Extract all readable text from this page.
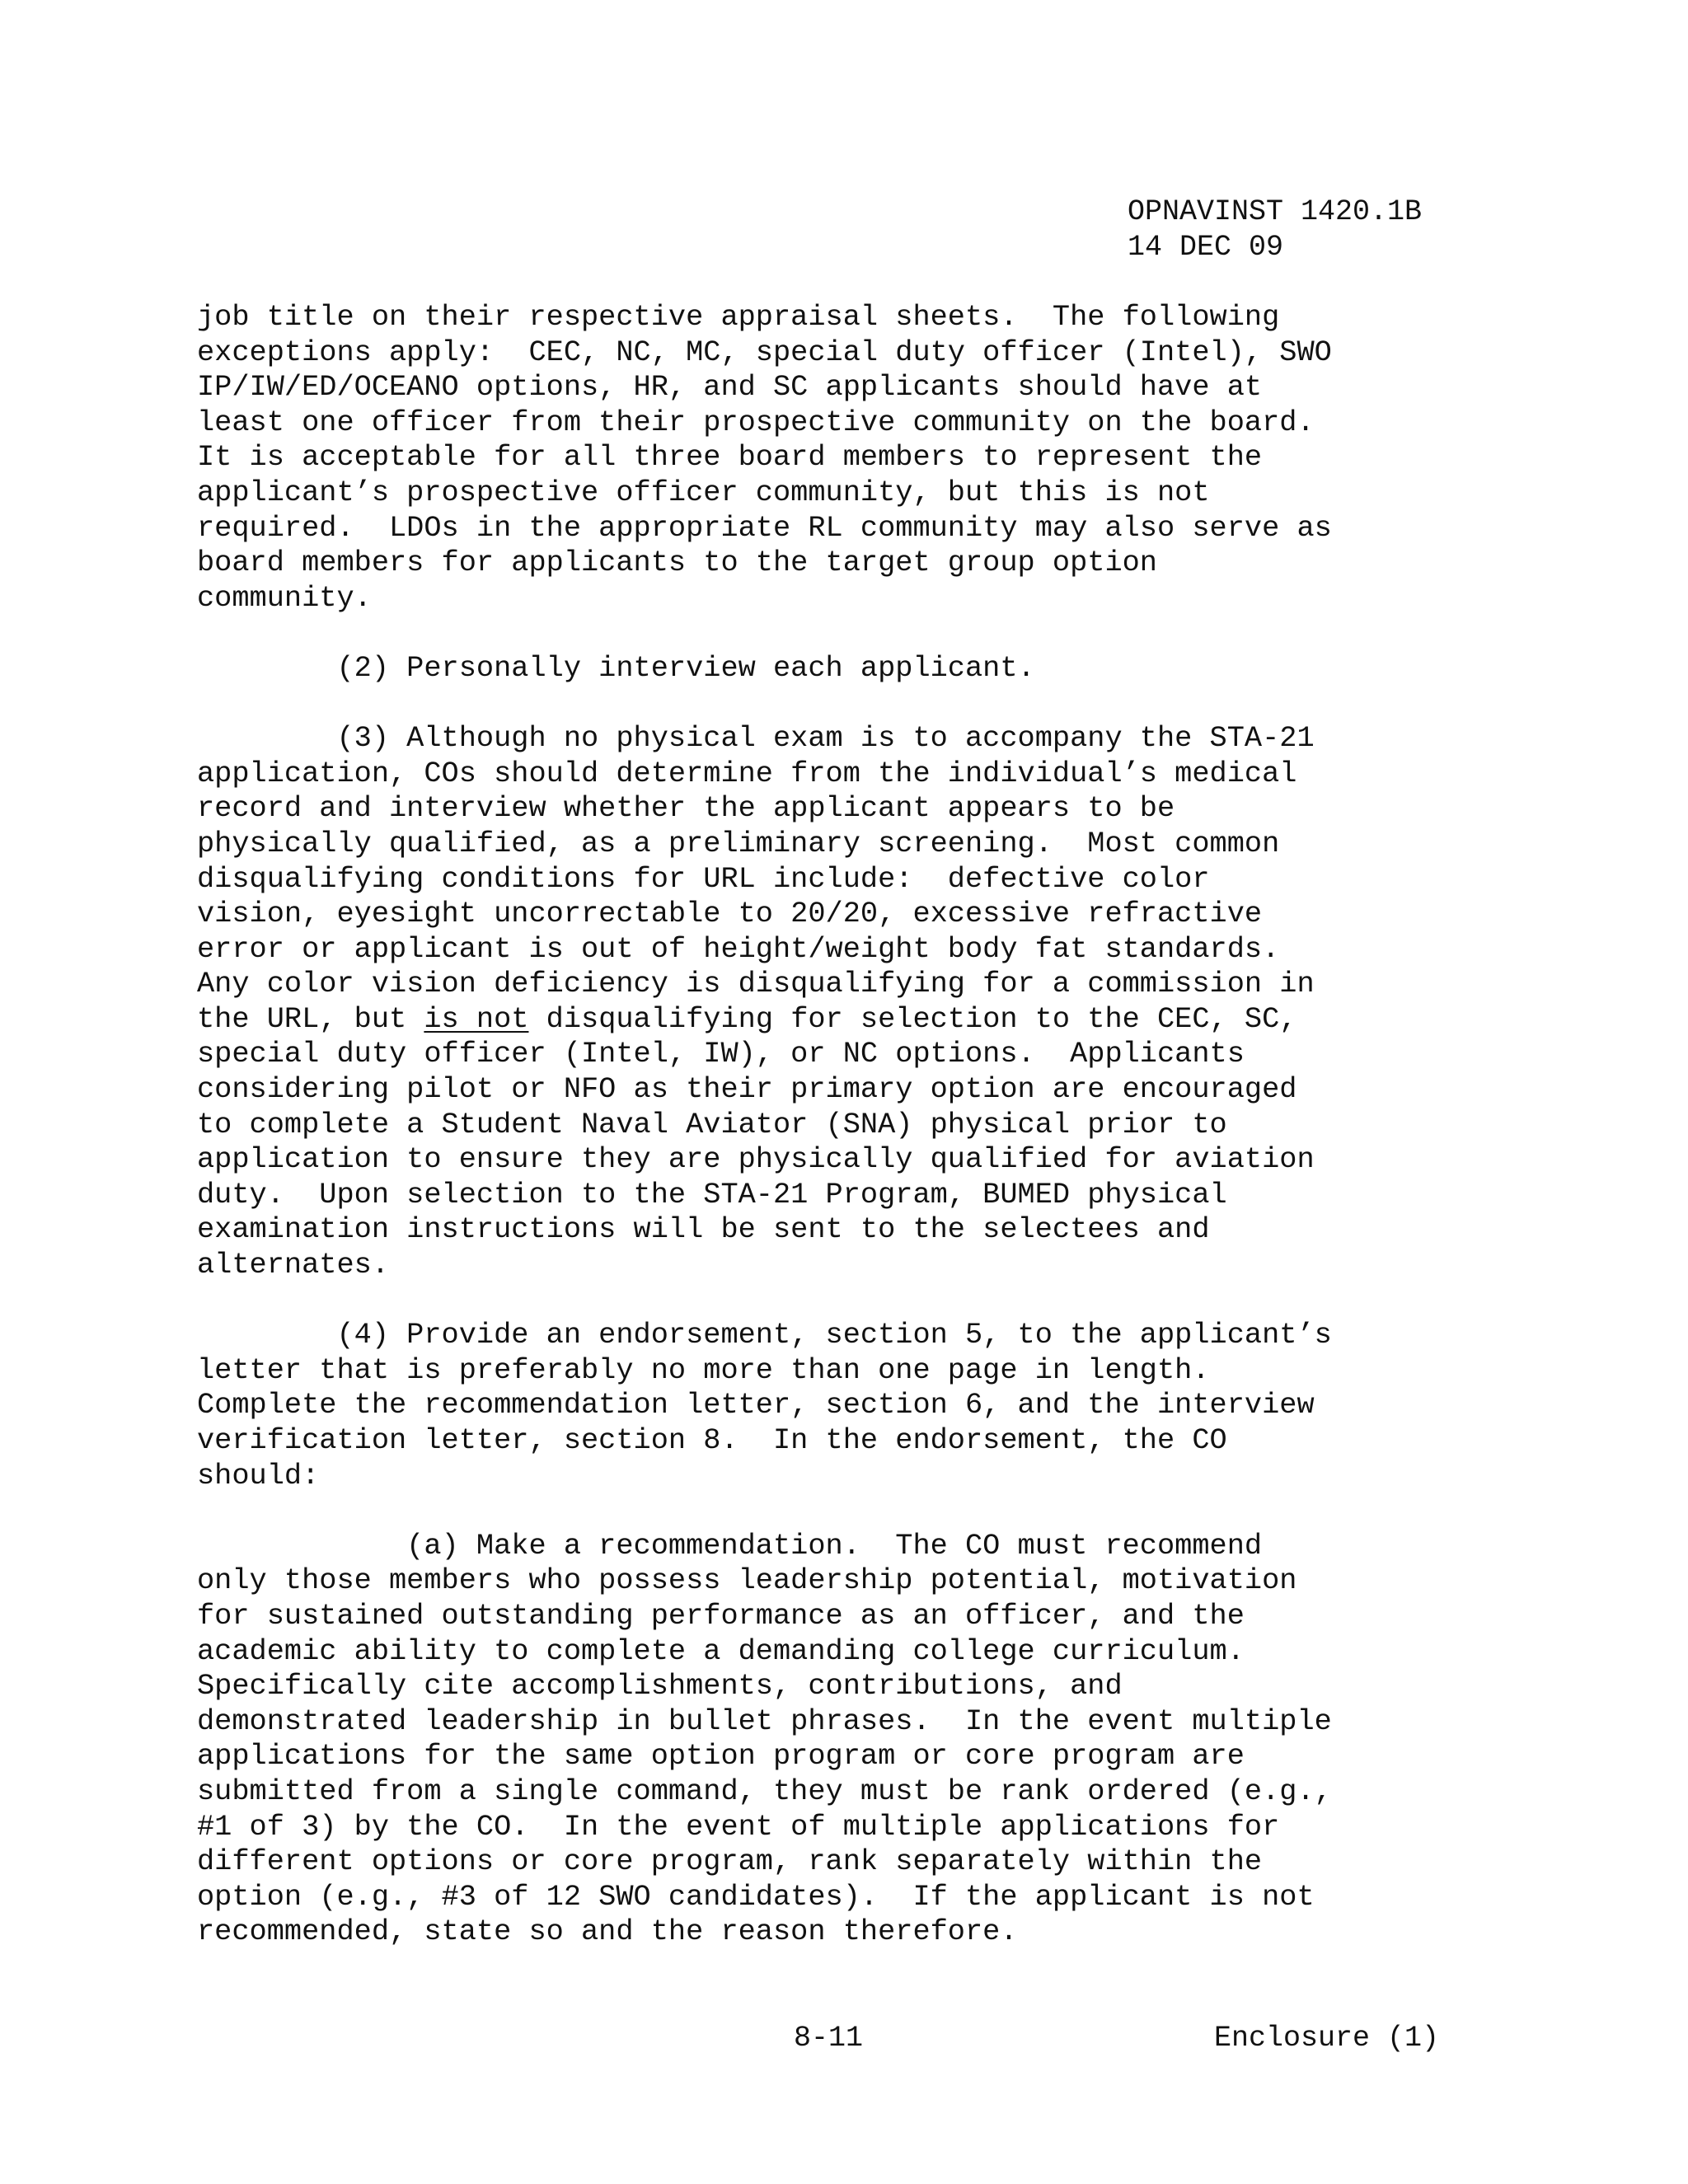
OPNAVINST 1420.1B
14 DEC 09
job title on their respective appraisal sheets.  The following
exceptions apply:  CEC, NC, MC, special duty officer (Intel), SWO
IP/IW/ED/OCEANO options, HR, and SC applicants should have at
least one officer from their prospective community on the board.
It is acceptable for all three board members to represent the
applicant’s prospective officer community, but this is not
required.  LDOs in the appropriate RL community may also serve as
board members for applicants to the target group option
community.
(2) Personally interview each applicant.
(3) Although no physical exam is to accompany the STA-21
application, COs should determine from the individual’s medical
record and interview whether the applicant appears to be
physically qualified, as a preliminary screening.  Most common
disqualifying conditions for URL include:  defective color
vision, eyesight uncorrectable to 20/20, excessive refractive
error or applicant is out of height/weight body fat standards.
Any color vision deficiency is disqualifying for a commission in
the URL, but is not disqualifying for selection to the CEC, SC,
special duty officer (Intel, IW), or NC options.  Applicants
considering pilot or NFO as their primary option are encouraged
to complete a Student Naval Aviator (SNA) physical prior to
application to ensure they are physically qualified for aviation
duty.  Upon selection to the STA-21 Program, BUMED physical
examination instructions will be sent to the selectees and
alternates.
(4) Provide an endorsement, section 5, to the applicant’s
letter that is preferably no more than one page in length.
Complete the recommendation letter, section 6, and the interview
verification letter, section 8.  In the endorsement, the CO
should:
(a) Make a recommendation.  The CO must recommend
only those members who possess leadership potential, motivation
for sustained outstanding performance as an officer, and the
academic ability to complete a demanding college curriculum.
Specifically cite accomplishments, contributions, and
demonstrated leadership in bullet phrases.  In the event multiple
applications for the same option program or core program are
submitted from a single command, they must be rank ordered (e.g.,
#1 of 3) by the CO.  In the event of multiple applications for
different options or core program, rank separately within the
option (e.g., #3 of 12 SWO candidates).  If the applicant is not
recommended, state so and the reason therefore.
8-11	Enclosure (1)
